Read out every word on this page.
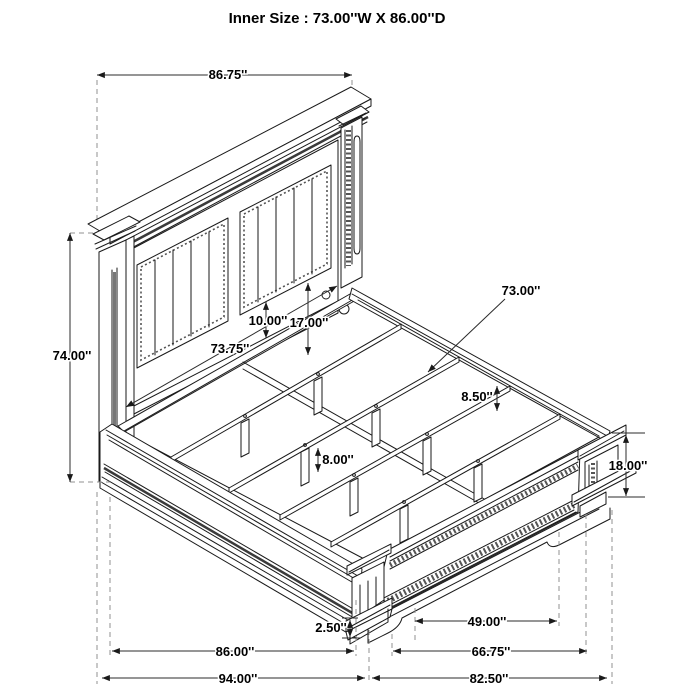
Inner Size : 73.00''W X 86.00''D
86.75''
74.00''
10.00'' 17.00''
73.75''
73.00''
8.50''
8.00''	18.00''
2.50''	49.00''
66.75''
86.00''
82.50''
94.00''
